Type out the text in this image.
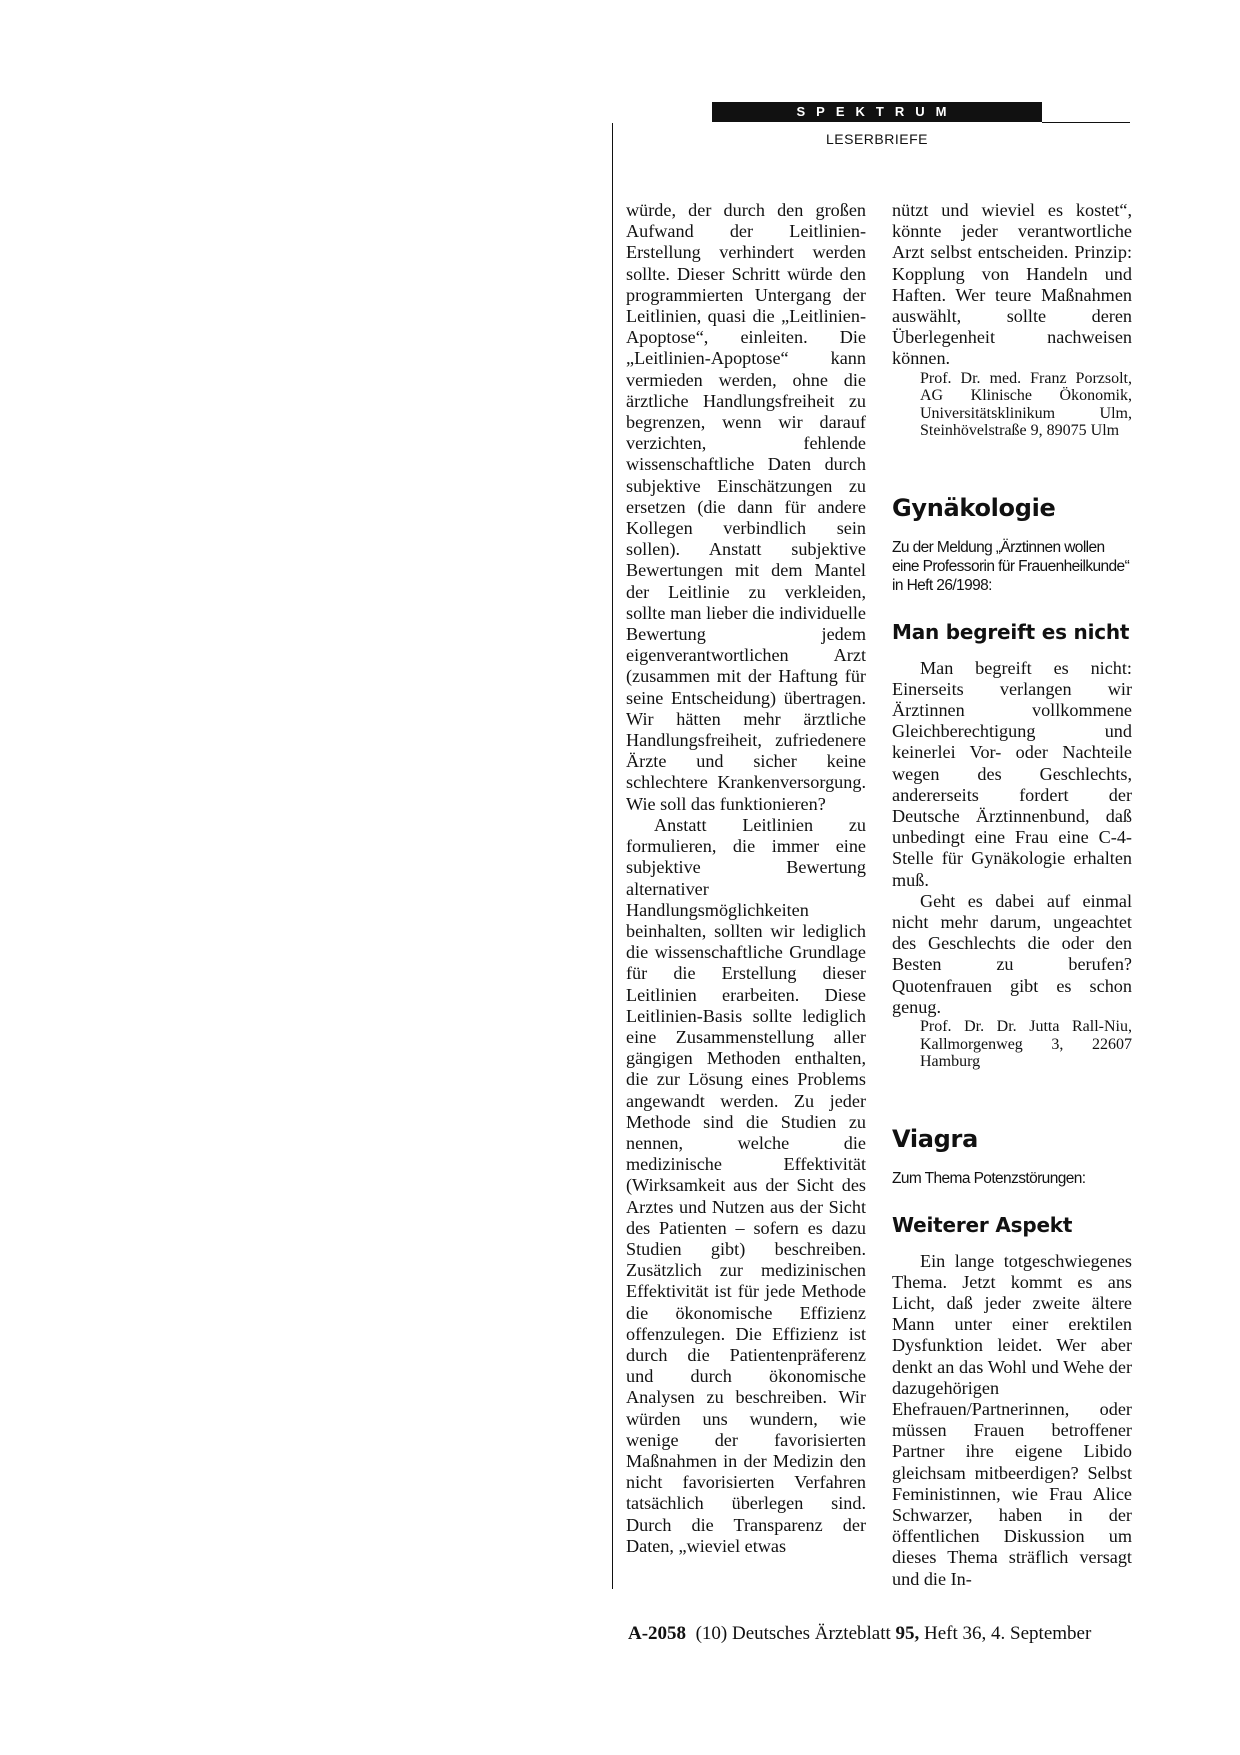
SPEKTRUM
LESERBRIEFE

würde, der durch den großen Aufwand der Leitlinien-Erstellung verhindert werden sollte. Dieser Schritt würde den programmierten Untergang der Leitlinien, quasi die „Leitlinien-Apoptose“, einleiten. Die „Leitlinien-Apoptose“ kann vermieden werden, ohne die ärztliche Handlungsfreiheit zu begrenzen, wenn wir darauf verzichten, fehlende wissenschaftliche Daten durch subjektive Einschätzungen zu ersetzen (die dann für andere Kollegen verbindlich sein sollen). Anstatt subjektive Bewertungen mit dem Mantel der Leitlinie zu verkleiden, sollte man lieber die individuelle Bewertung jedem eigenverantwortlichen Arzt (zusammen mit der Haftung für seine Entscheidung) übertragen. Wir hätten mehr ärztliche Handlungsfreiheit, zufriedenere Ärzte und sicher keine schlechtere Krankenversorgung. Wie soll das funktionieren?

Anstatt Leitlinien zu formulieren, die immer eine subjektive Bewertung alternativer Handlungsmöglichkeiten beinhalten, sollten wir lediglich die wissenschaftliche Grundlage für die Erstellung dieser Leitlinien erarbeiten. Diese Leitlinien-Basis sollte lediglich eine Zusammenstellung aller gängigen Methoden enthalten, die zur Lösung eines Problems angewandt werden. Zu jeder Methode sind die Studien zu nennen, welche die medizinische Effektivität (Wirksamkeit aus der Sicht des Arztes und Nutzen aus der Sicht des Patienten – sofern es dazu Studien gibt) beschreiben. Zusätzlich zur medizinischen Effektivität ist für jede Methode die ökonomische Effizienz offenzulegen. Die Effizienz ist durch die Patientenpräferenz und durch ökonomische Analysen zu beschreiben. Wir würden uns wundern, wie wenige der favorisierten Maßnahmen in der Medizin den nicht favorisierten Verfahren tatsächlich überlegen sind. Durch die Transparenz der Daten, „wieviel etwas

nützt und wieviel es kostet“, könnte jeder verantwortliche Arzt selbst entscheiden. Prinzip: Kopplung von Handeln und Haften. Wer teure Maßnahmen auswählt, sollte deren Überlegenheit nachweisen können.

Prof. Dr. med. Franz Porzsolt, AG Klinische Ökonomik, Universitätsklinikum Ulm, Steinhövelstraße 9, 89075 Ulm

Gynäkologie
Zu der Meldung „Ärztinnen wollen eine Professorin für Frauenheilkunde“ in Heft 26/1998:
Man begreift es nicht

Man begreift es nicht: Einerseits verlangen wir Ärztinnen vollkommene Gleichberechtigung und keinerlei Vor- oder Nachteile wegen des Geschlechts, andererseits fordert der Deutsche Ärztinnenbund, daß unbedingt eine Frau eine C-4-Stelle für Gynäkologie erhalten muß.

Geht es dabei auf einmal nicht mehr darum, ungeachtet des Geschlechts die oder den Besten zu berufen? Quotenfrauen gibt es schon genug.

Prof. Dr. Dr. Jutta Rall-Niu, Kallmorgenweg 3, 22607 Hamburg

Viagra
Zum Thema Potenzstörungen:
Weiterer Aspekt

Ein lange totgeschwiegenes Thema. Jetzt kommt es ans Licht, daß jeder zweite ältere Mann unter einer erektilen Dysfunktion leidet. Wer aber denkt an das Wohl und Wehe der dazugehörigen Ehefrauen/Partnerinnen, oder müssen Frauen betroffener Partner ihre eigene Libido gleichsam mitbeerdigen? Selbst Feministinnen, wie Frau Alice Schwarzer, haben in der öffentlichen Diskussion um dieses Thema sträflich versagt und die In-

A-2058 (10) Deutsches Ärzteblatt 95, Heft 36, 4. September
